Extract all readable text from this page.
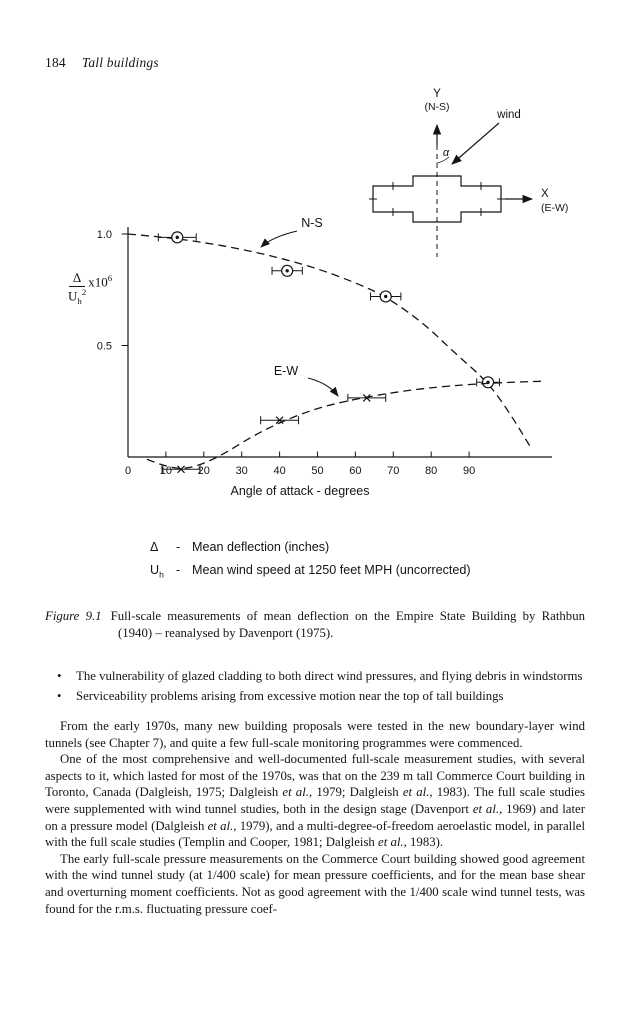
184 Tall buildings
0	10 20 30 40 50 60 70 80 90
1.0
0.5
Angle of attack - degrees
N-S
E-W
Y
(N-S)
wind
α
X
(E-W)
$\frac{\Delta}{U_h^2} x10^6$
Δ	- Mean deflection (inches)
$U_h$ - Mean wind speed at 1250 feet MPH (uncorrected)

Figure 9.1 Full-scale measurements of mean deflection on the Empire State Building by Rathbun (1940) – reanalysed by Davenport (1975).

•	The vulnerability of glazed cladding to both direct wind pressures, and flying debris in windstorms
•	Serviceability problems arising from excessive motion near the top of tall buildings

From the early 1970s, many new building proposals were tested in the new boundary-layer wind tunnels (see Chapter 7), and quite a few full-scale monitoring programmes were commenced.

One of the most comprehensive and well-documented full-scale measurement studies, with several aspects to it, which lasted for most of the 1970s, was that on the 239 m tall Commerce Court building in Toronto, Canada (Dalgleish, 1975; Dalgleish et al., 1979; Dalgleish et al., 1983). The full scale studies were supplemented with wind tunnel studies, both in the design stage (Davenport et al., 1969) and later on a pressure model (Dalgleish et al., 1979), and a multi-degree-of-freedom aeroelastic model, in parallel with the full scale studies (Templin and Cooper, 1981; Dalgleish et al., 1983).

The early full-scale pressure measurements on the Commerce Court building showed good agreement with the wind tunnel study (at 1/400 scale) for mean pressure coefficients, and for the mean base shear and overturning moment coefficients. Not as good agreement with the 1/400 scale wind tunnel tests, was found for the r.m.s. fluctuating pressure coef-
